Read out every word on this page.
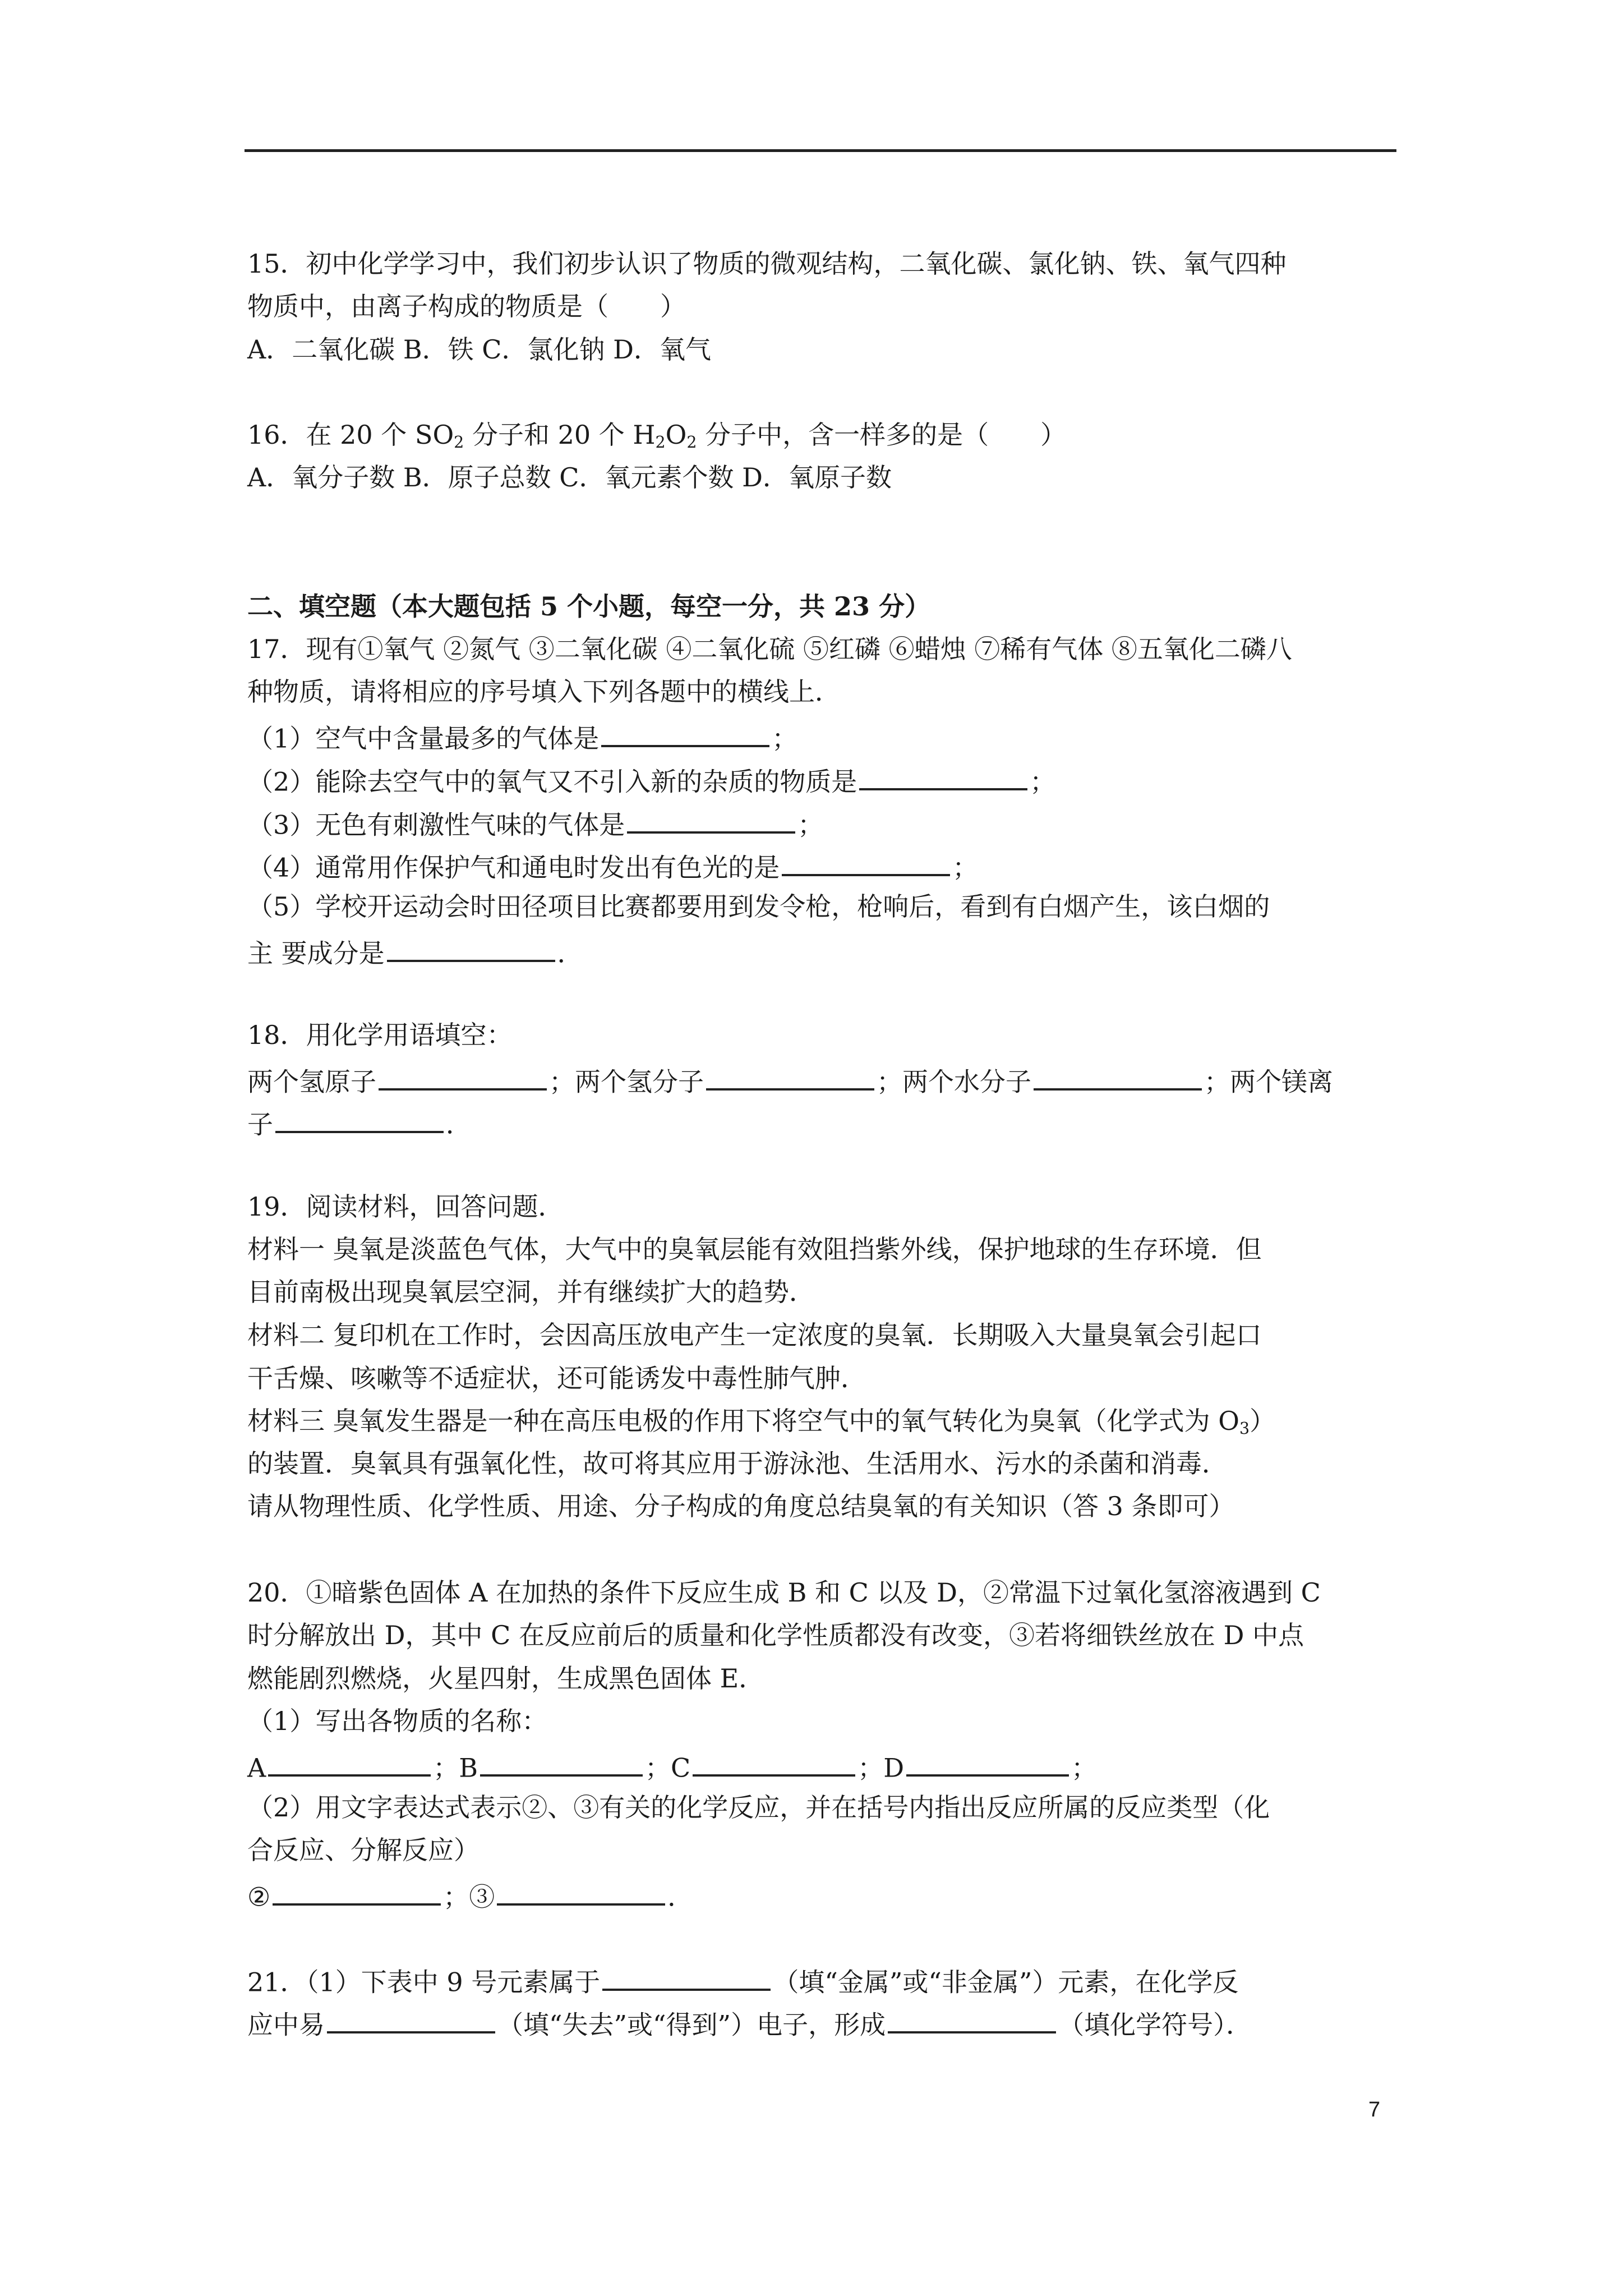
15．初中化学学习中，我们初步认识了物质的微观结构，二氧化碳、氯化钠、铁、氧气四种
物质中，由离子构成的物质是（　　）
A．二氧化碳 B．铁 C．氯化钠 D．氧气
16．在 20 个 $SO_2$ 分子和 20 个 $H_2O_2$ 分子中，含一样多的是（　　）
A．氧分子数 B．原子总数 C．氧元素个数 D．氧原子数
二、填空题（本大题包括 5 个小题，每空一分，共 23 分）
17．现有①氧气 ②氮气 ③二氧化碳 ④二氧化硫 ⑤红磷 ⑥蜡烛 ⑦稀有气体 ⑧五氧化二磷八
种物质，请将相应的序号填入下列各题中的横线上．
（1）空气中含量最多的气体是	；
（2）能除去空气中的氧气又不引入新的杂质的物质是	；
（3）无色有刺激性气味的气体是	；
（4）通常用作保护气和通电时发出有色光的是	；
（5）学校开运动会时田径项目比赛都要用到发令枪，枪响后，看到有白烟产生，该白烟的
主 要成分是	．
18．用化学用语填空：
两个氢原子	；两个氢分子	；两个水分子	；两个镁离
子	．
19．阅读材料，回答问题．
材料一 臭氧是淡蓝色气体，大气中的臭氧层能有效阻挡紫外线，保护地球的生存环境．但
目前南极出现臭氧层空洞，并有继续扩大的趋势．
材料二 复印机在工作时，会因高压放电产生一定浓度的臭氧．长期吸入大量臭氧会引起口
干舌燥、咳嗽等不适症状，还可能诱发中毒性肺气肿．
材料三 臭氧发生器是一种在高压电极的作用下将空气中的氧气转化为臭氧（化学式为 $O_3$）
的装置．臭氧具有强氧化性，故可将其应用于游泳池、生活用水、污水的杀菌和消毒．
请从物理性质、化学性质、用途、分子构成的角度总结臭氧的有关知识（答 3 条即可）
20．①暗紫色固体 A 在加热的条件下反应生成 B 和 C 以及 D，②常温下过氧化氢溶液遇到 C
时分解放出 D，其中 C 在反应前后的质量和化学性质都没有改变，③若将细铁丝放在 D 中点
燃能剧烈燃烧，火星四射，生成黑色固体 E．
（1）写出各物质的名称：
A	；B	；C	；D	；
（2）用文字表达式表示②、③有关的化学反应，并在括号内指出反应所属的反应类型（化
合反应、分解反应）
②	；③	．
21．（1）下表中 9 号元素属于	（填“金属”或“非金属”）元素，在化学反
应中易	（填“失去”或“得到”）电子，形成	（填化学符号）．
7
